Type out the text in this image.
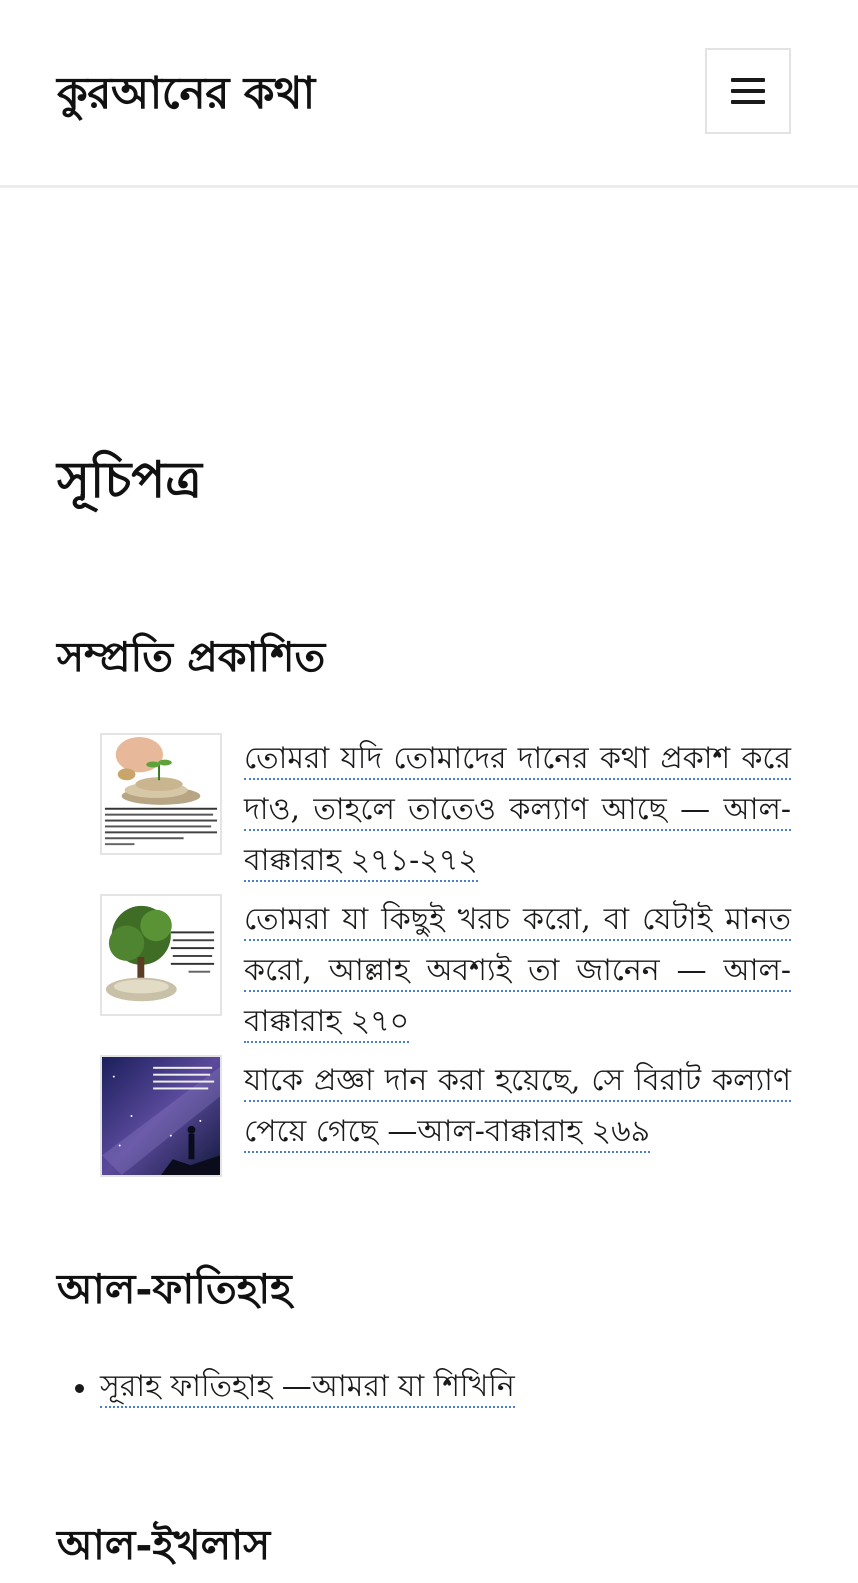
কুরআনের কথা
সূচিপত্র
সম্প্রতি প্রকাশিত
তোমরা যদি তোমাদের দানের কথা প্রকাশ করে দাও, তাহলে তাতেও কল্যাণ আছে — আল-বাক্কারাহ ২৭১-২৭২
তোমরা যা কিছুই খরচ করো, বা যেটাই মানত করো, আল্লাহ অবশ্যই তা জানেন — আল-বাক্কারাহ ২৭০
যাকে প্রজ্ঞা দান করা হয়েছে, সে বিরাট কল্যাণ পেয়ে গেছে —আল-বাক্কারাহ ২৬৯
আল-ফাতিহাহ
সূরাহ ফাতিহাহ —আমরা যা শিখিনি
আল-ইখলাস
